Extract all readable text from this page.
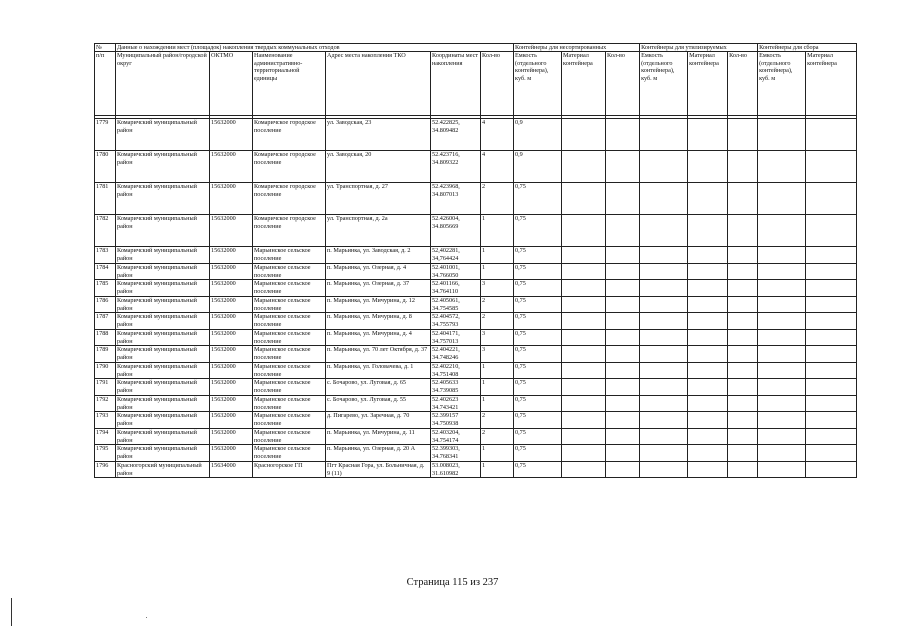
№	Данные о нахождении мест (площадок) накопления твердых коммунальных отходов						Контейнеры для несортированных			Контейнеры для утилизируемых			Контейнеры для сбора	
п/п	Муниципальный район/городской округ	ОКТМО	Наименование административно-территориальной единицы	Адрес места накопления ТКО	Координаты мест накопления	Кол-во	Емкость (отдельного контейнера), куб. м	Материал контейнера	Кол-во	Емкость (отдельного контейнера), куб. м	Материал контейнера	Кол-во	Емкость (отдельного контейнера), куб. м	Материал контейнера

1779	Комаричский муниципальный район	15632000	Комаричское городское поселение	ул. Заводская, 23	52.422825, 34.809482	4	0,9							
1780	Комаричский муниципальный район	15632000	Комаричское городское поселение	ул. Заводская, 20	52.423716, 34.809322	4	0,9							
1781	Комаричский муниципальный район	15632000	Комаричское городское поселение	ул. Транспортная, д. 27	52.423968, 34.807013	2	0,75							
1782	Комаричский муниципальный район	15632000	Комаричское городское поселение	ул. Транспортная, д. 2а	52.426004, 34.805669	1	0,75							
1783	Комаричский муниципальный район	15632000	Марьинское сельское поселение	п. Марьинка, ул. Заводская, д. 2	52,402281, 34,764424	1	0,75							
1784	Комаричский муниципальный район	15632000	Марьинское сельское поселение	п. Марьинка, ул. Озерная, д. 4	52.401001, 34.766050	1	0,75							
1785	Комаричский муниципальный район	15632000	Марьинское сельское поселение	п. Марьинка, ул. Озерная, д. 37	52.401166, 34.764110	3	0,75							
1786	Комаричский муниципальный район	15632000	Марьинское сельское поселение	п. Марьинка, ул. Мичурина, д. 12	52.405061, 34.754585	2	0,75							
1787	Комаричский муниципальный район	15632000	Марьинское сельское поселение	п. Марьинка, ул. Мичурина, д. 8	52.404572, 34.755793	2	0,75							
1788	Комаричский муниципальный район	15632000	Марьинское сельское поселение	п. Марьинка, ул. Мичурина, д. 4	52.404171, 34.757013	3	0,75							
1789	Комаричский муниципальный район	15632000	Марьинское сельское поселение	п. Марьинка, ул. 70 лет Октября, д. 37	52.404221, 34.748246	3	0,75							
1790	Комаричский муниципальный район	15632000	Марьинское сельское поселение	п. Марьинка, ул. Головачева, д. 1	52.402210, 34.751408	1	0,75							
1791	Комаричский муниципальный район	15632000	Марьинское сельское поселение	с. Бочарово, ул. Луговая, д. 65	52.405633 34.739085	1	0,75							
1792	Комаричский муниципальный район	15632000	Марьинское сельское поселение	с. Бочарово, ул. Луговая, д. 55	52.402623 34.743421	1	0,75							
1793	Комаричский муниципальный район	15632000	Марьинское сельское поселение	д. Пигарево, ул. Заречная, д. 70	52.399157 34.750938	2	0,75							
1794	Комаричский муниципальный район	15632000	Марьинское сельское поселение	п. Марьинка, ул. Мичурина, д. 11	52.403204, 34.754174	2	0,75							
1795	Комаричский муниципальный район	15632000	Марьинское сельское поселение	п. Марьинка, ул. Озерная, д. 20 А	52.399303, 34.768341	1	0,75							
1796	Красногорский муниципальный район	15634000	Красногорское ГП	Пгт Красная Гора, ул. Больничная, д. 9 (11)	53.008023, 31.610982	1	0,75							
Страница 115 из 237
